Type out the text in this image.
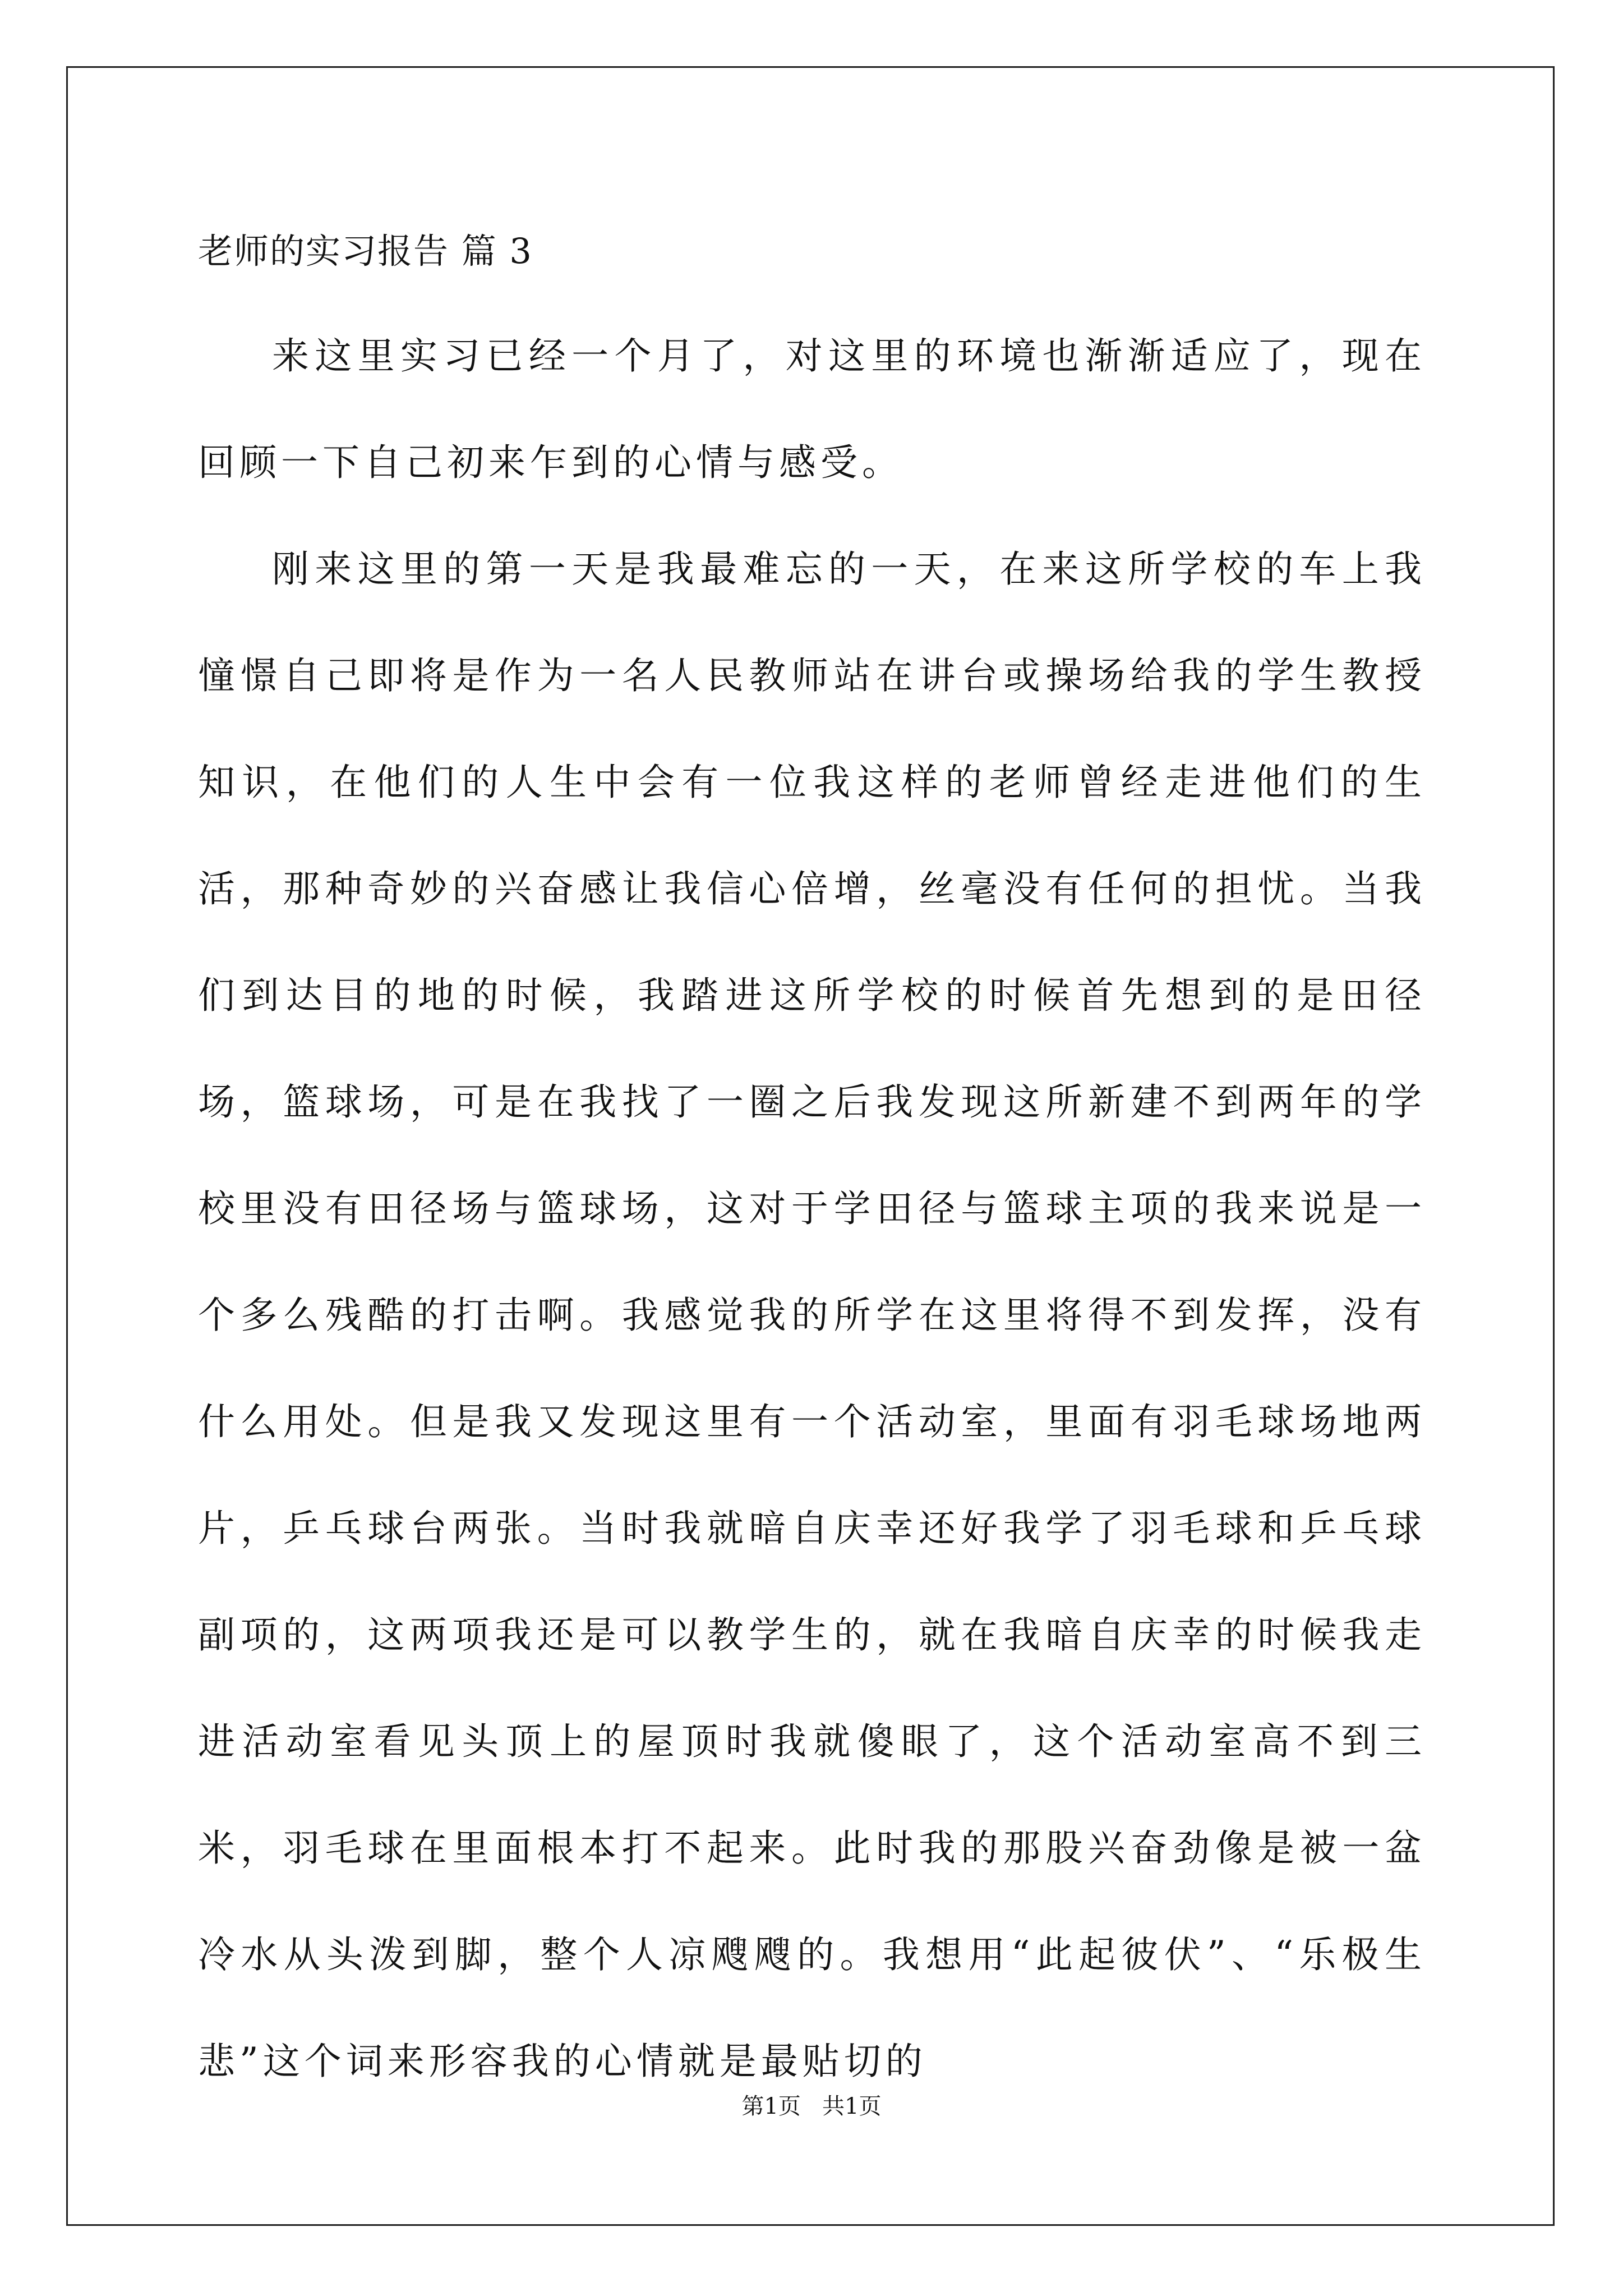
老师的实习报告 篇 3

来这里实习已经一个月了，对这里的环境也渐渐适应了，现在回顾一下自己初来乍到的心情与感受。

刚来这里的第一天是我最难忘的一天，在来这所学校的车上我憧憬自己即将是作为一名人民教师站在讲台或操场给我的学生教授知识，在他们的人生中会有一位我这样的老师曾经走进他们的生活，那种奇妙的兴奋感让我信心倍增，丝毫没有任何的担忧。当我们到达目的地的时候，我踏进这所学校的时候首先想到的是田径场，篮球场，可是在我找了一圈之后我发现这所新建不到两年的学校里没有田径场与篮球场，这对于学田径与篮球主项的我来说是一个多么残酷的打击啊。我感觉我的所学在这里将得不到发挥，没有什么用处。但是我又发现这里有一个活动室，里面有羽毛球场地两片，乒乓球台两张。当时我就暗自庆幸还好我学了羽毛球和乒乓球副项的，这两项我还是可以教学生的，就在我暗自庆幸的时候我走进活动室看见头顶上的屋顶时我就傻眼了，这个活动室高不到三米，羽毛球在里面根本打不起来。此时我的那股兴奋劲像是被一盆冷水从头泼到脚，整个人凉飕飕的。我想用“此起彼伏”、“乐极生悲”这个词来形容我的心情就是最贴切的

第1页   共1页
